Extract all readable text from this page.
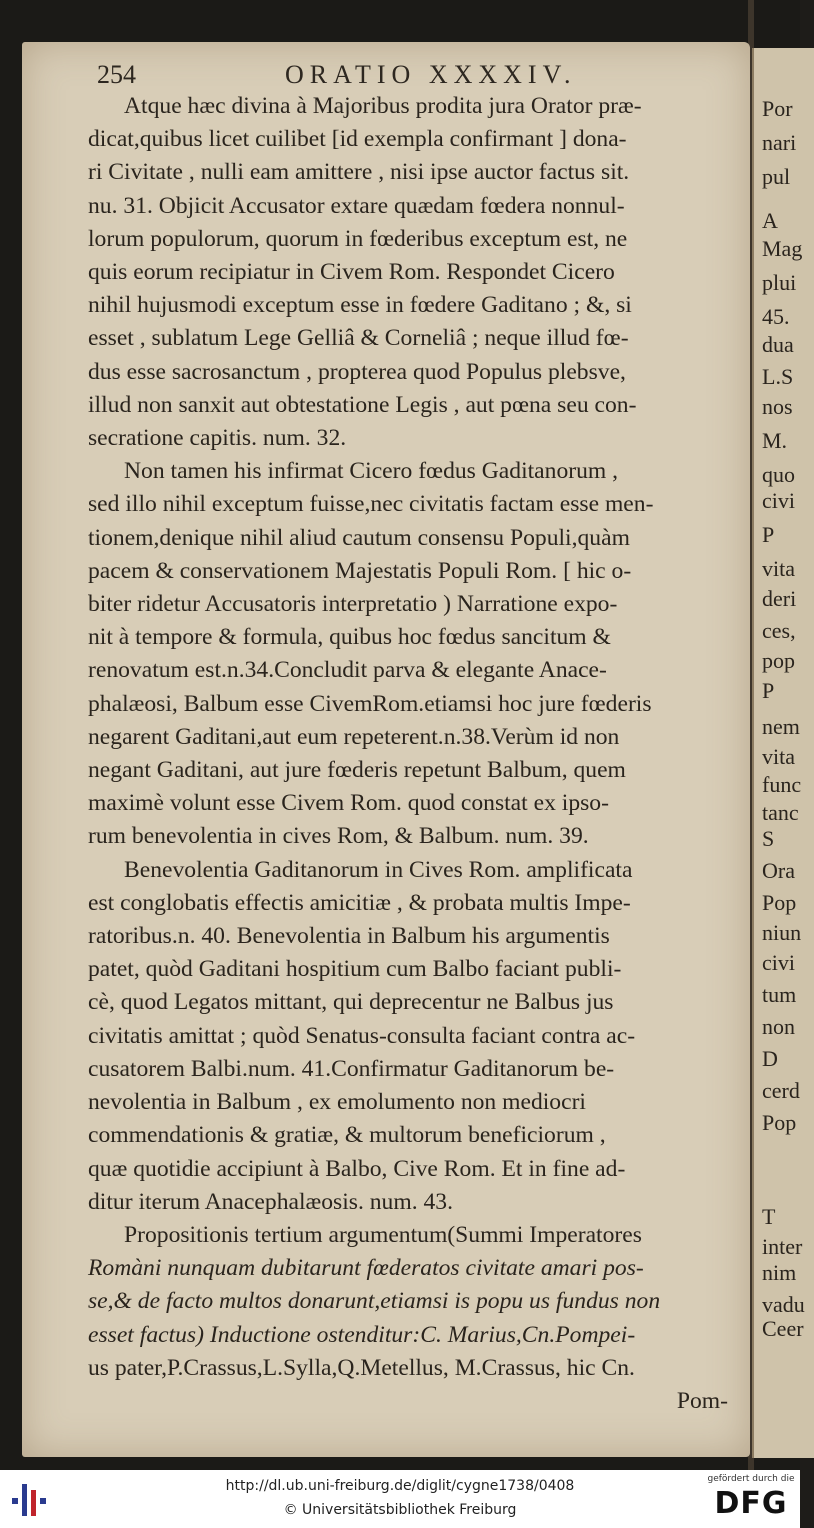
254	ORATIO XXXXIV.
Atque hæc divina à Majoribus prodita jura Orator præ-
dicat,quibus licet cuilibet [id exempla confirmant ] dona-
ri Civitate , nulli eam amittere , nisi ipse auctor factus sit.
nu. 31. Objicit Accusator extare quædam fœdera nonnul-
lorum populorum, quorum in fœderibus exceptum est, ne
quis eorum recipiatur in Civem Rom. Respondet Cicero
nihil hujusmodi exceptum esse in fœdere Gaditano ; &, si
esset , sublatum Lege Gelliâ & Corneliâ ; neque illud fœ-
dus esse sacrosanctum , propterea quod Populus plebsve,
illud non sanxit aut obtestatione Legis , aut pœna seu con-
secratione capitis. num. 32.
Non tamen his infirmat Cicero fœdus Gaditanorum ,
sed illo nihil exceptum fuisse,nec civitatis factam esse men-
tionem,denique nihil aliud cautum consensu Populi,quàm
pacem & conservationem Majestatis Populi Rom. [ hic o-
biter ridetur Accusatoris interpretatio ) Narratione expo-
nit à tempore & formula, quibus hoc fœdus sancitum &
renovatum est.n.34.Concludit parva & elegante Anace-
phalæosi, Balbum esse CivemRom.etiamsi hoc jure fœderis
negarent Gaditani,aut eum repeterent.n.38.Verùm id non
negant Gaditani, aut jure fœderis repetunt Balbum, quem
maximè volunt esse Civem Rom. quod constat ex ipso-
rum benevolentia in cives Rom, & Balbum. num. 39.
Benevolentia Gaditanorum in Cives Rom. amplificata
est conglobatis effectis amicitiæ , & probata multis Impe-
ratoribus.n. 40. Benevolentia in Balbum his argumentis
patet, quòd Gaditani hospitium cum Balbo faciant publi-
cè, quod Legatos mittant, qui deprecentur ne Balbus jus
civitatis amittat ; quòd Senatus-consulta faciant contra ac-
cusatorem Balbi.num. 41.Confirmatur Gaditanorum be-
nevolentia in Balbum , ex emolumento non mediocri
commendationis & gratiæ, & multorum beneficiorum ,
quæ quotidie accipiunt à Balbo, Cive Rom. Et in fine ad-
ditur iterum Anacephalæosis. num. 43.
Propositionis tertium argumentum(Summi Imperatores
Romàni nunquam dubitarunt fœderatos civitate amari pos-
se,& de facto multos donarunt,etiamsi is popu us fundus non
esset factus) Inductione ostenditur:C. Marius,Cn.Pompei-
us pater,P.Crassus,L.Sylla,Q.Metellus, M.Crassus, hic Cn.
Pom-
Por
nari
pul
A
Mag
plui
45.
dua
L.S
nos
M.
quo
civi
P
vita
deri
ces,
pop
P
nem
vita
func
tanc
S
Ora
Pop
niun
civi
tum
non
D
cerd
Pop
T
inter
nim
vadu
Ceer
http://dl.ub.uni-freiburg.de/diglit/cygne1738/0408
© Universitätsbibliothek Freiburg
gefördert durch die
DFG
